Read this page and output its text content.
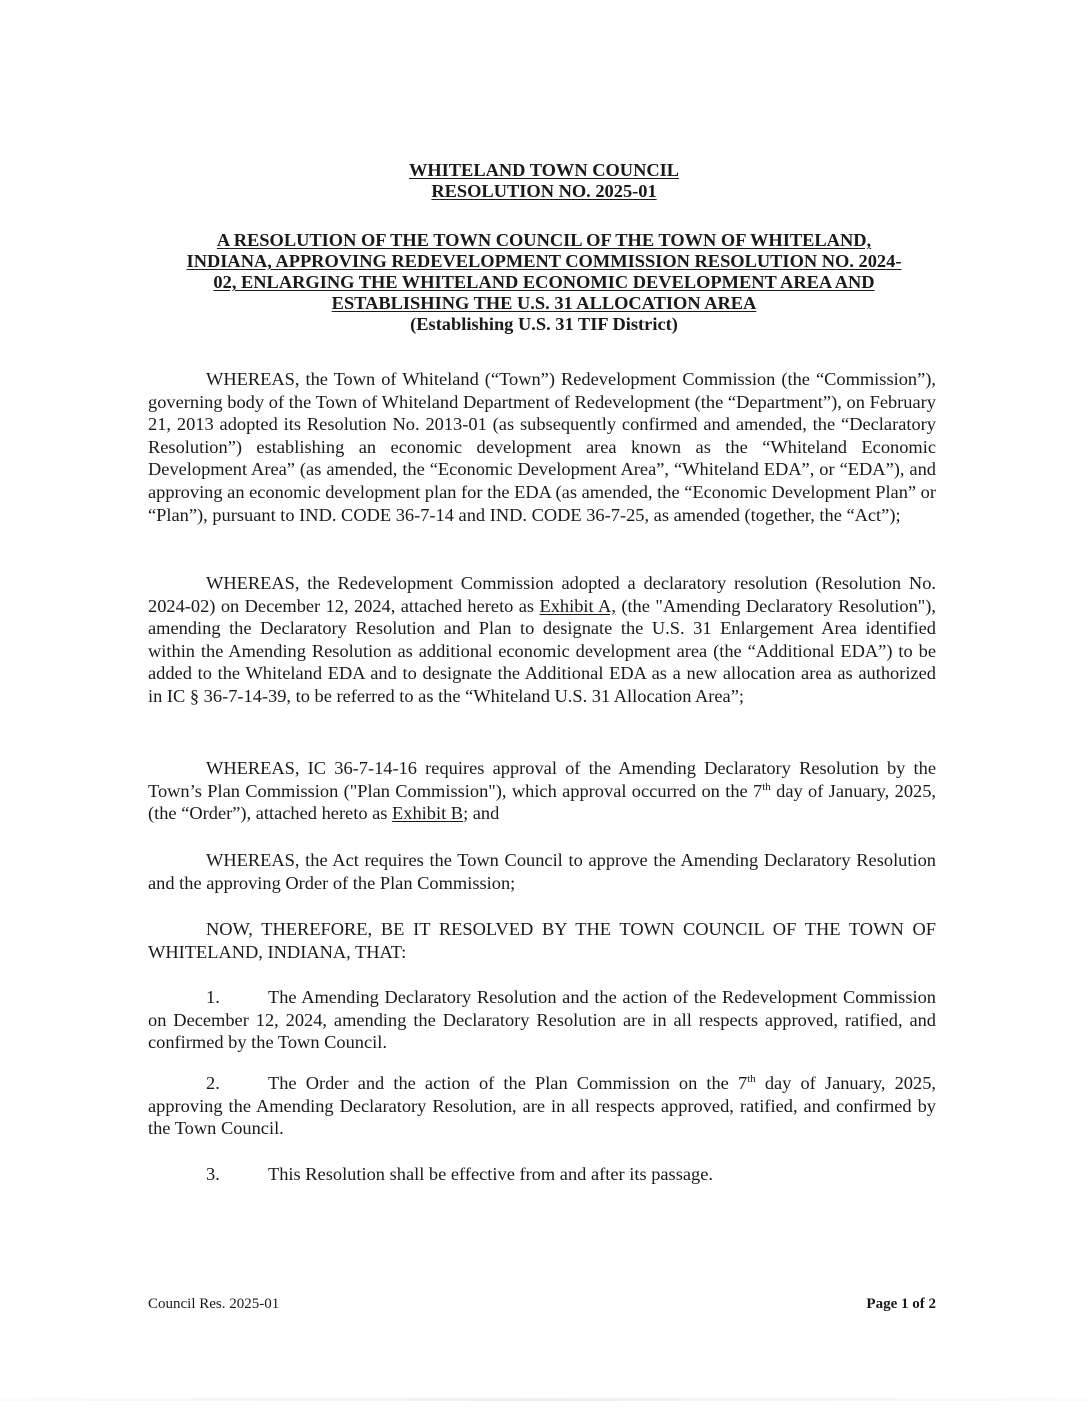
WHITELAND TOWN COUNCIL
RESOLUTION NO. 2025-01
A RESOLUTION OF THE TOWN COUNCIL OF THE TOWN OF WHITELAND,
INDIANA, APPROVING REDEVELOPMENT COMMISSION RESOLUTION NO. 2024-
02, ENLARGING THE WHITELAND ECONOMIC DEVELOPMENT AREA AND
ESTABLISHING THE U.S. 31 ALLOCATION AREA
(Establishing U.S. 31 TIF District)

WHEREAS, the Town of Whiteland (“Town”) Redevelopment Commission (the “Commission”), governing body of the Town of Whiteland Department of Redevelopment (the “Department”), on February 21, 2013 adopted its Resolution No. 2013-01 (as subsequently confirmed and amended, the “Declaratory Resolution”) establishing an economic development area known as the “Whiteland Economic Development Area” (as amended, the “Economic Development Area”, “Whiteland EDA”, or “EDA”), and approving an economic development plan for the EDA (as amended, the “Economic Development Plan” or “Plan”), pursuant to IND. CODE 36-7-14 and IND. CODE 36-7-25, as amended (together, the “Act”);

WHEREAS, the Redevelopment Commission adopted a declaratory resolution (Resolution No. 2024-02) on December 12, 2024, attached hereto as Exhibit A, (the "Amending Declaratory Resolution"), amending the Declaratory Resolution and Plan to designate the U.S. 31 Enlargement Area identified within the Amending Resolution as additional economic development area (the “Additional EDA”) to be added to the Whiteland EDA and to designate the Additional EDA as a new allocation area as authorized in IC § 36-7-14-39, to be referred to as the “Whiteland U.S. 31 Allocation Area”;

WHEREAS, IC 36-7-14-16 requires approval of the Amending Declaratory Resolution by the Town’s Plan Commission ("Plan Commission"), which approval occurred on the 7th day of January, 2025, (the “Order”), attached hereto as Exhibit B; and

WHEREAS, the Act requires the Town Council to approve the Amending Declaratory Resolution and the approving Order of the Plan Commission;

NOW, THEREFORE, BE IT RESOLVED BY THE TOWN COUNCIL OF THE TOWN OF WHITELAND, INDIANA, THAT:

1.	The Amending Declaratory Resolution and the action of the Redevelopment Commission on December 12, 2024, amending the Declaratory Resolution are in all respects approved, ratified, and confirmed by the Town Council.

2.	The Order and the action of the Plan Commission on the 7th day of January, 2025, approving the Amending Declaratory Resolution, are in all respects approved, ratified, and confirmed by the Town Council.

3.	This Resolution shall be effective from and after its passage.

Council Res. 2025-01	Page 1 of 2
